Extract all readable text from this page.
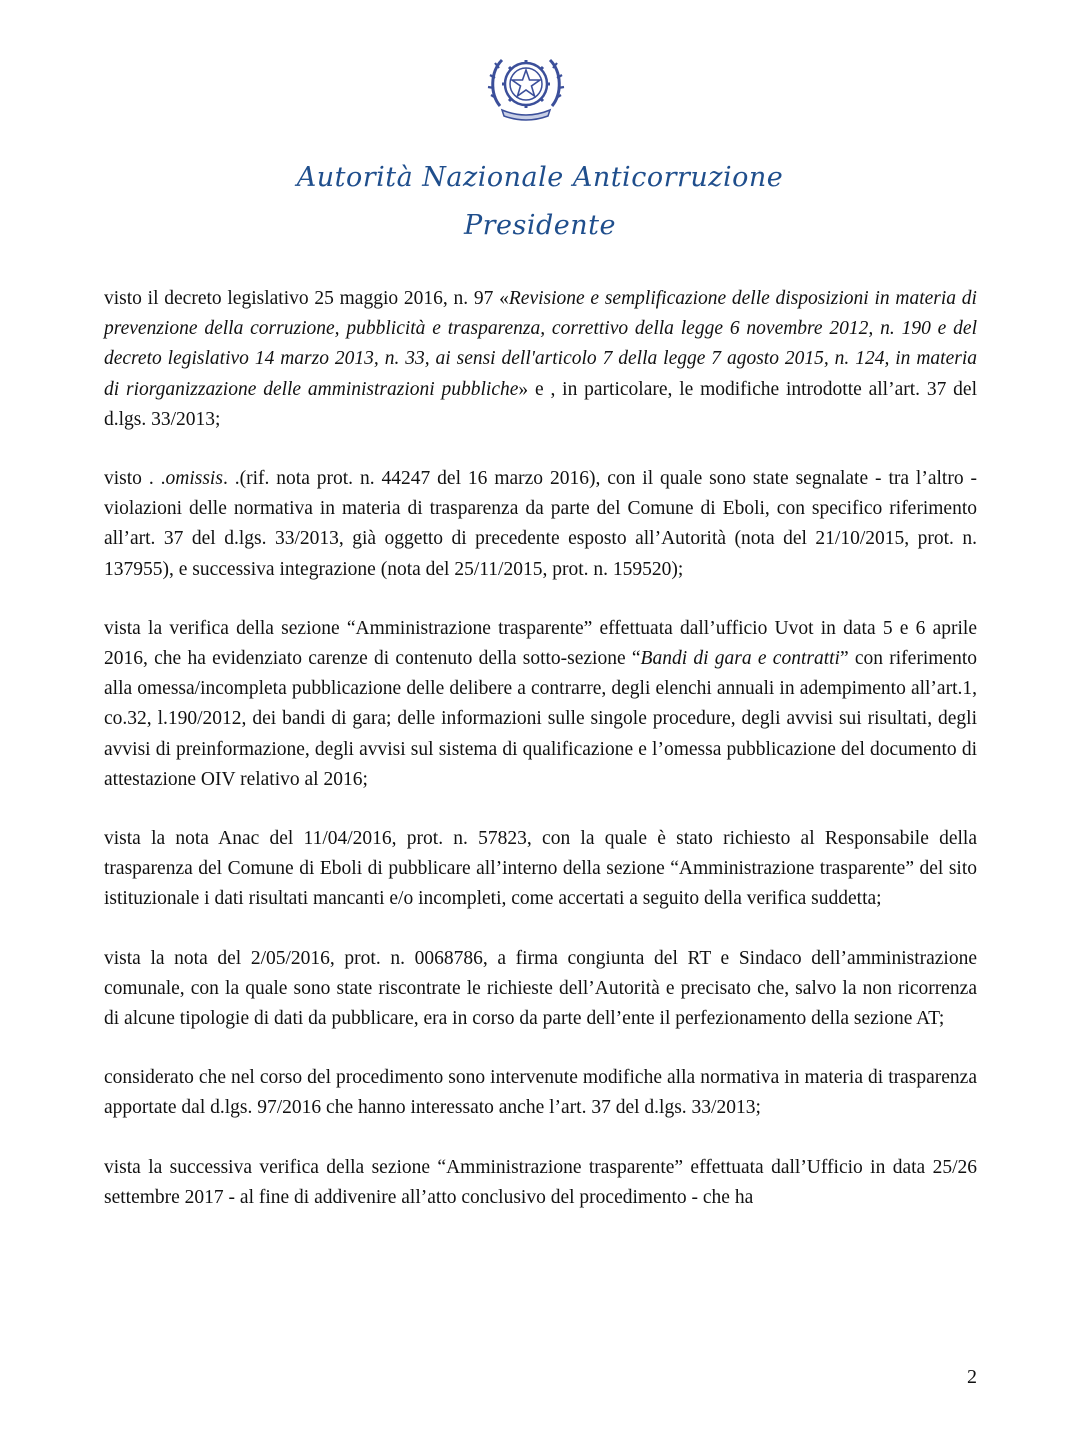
Autorità Nazionale Anticorruzione
Presidente

visto il decreto legislativo 25 maggio 2016, n. 97 «Revisione e semplificazione delle disposizioni in materia di prevenzione della corruzione, pubblicità e trasparenza, correttivo della legge 6 novembre 2012, n. 190 e del decreto legislativo 14 marzo 2013, n. 33, ai sensi dell'articolo 7 della legge 7 agosto 2015, n. 124, in materia di riorganizzazione delle amministrazioni pubbliche» e , in particolare, le modifiche introdotte all’art. 37 del d.lgs. 33/2013;

visto . .omissis. .(rif. nota prot. n. 44247 del 16 marzo 2016), con il quale sono state segnalate - tra l’altro - violazioni delle normativa in materia di trasparenza da parte del Comune di Eboli, con specifico riferimento all’art. 37 del d.lgs. 33/2013, già oggetto di precedente esposto all’Autorità (nota del 21/10/2015, prot. n. 137955), e successiva integrazione (nota del 25/11/2015, prot. n. 159520);

vista la verifica della sezione “Amministrazione trasparente” effettuata dall’ufficio Uvot in data 5 e 6 aprile 2016, che ha evidenziato carenze di contenuto della sotto-sezione “Bandi di gara e contratti” con riferimento alla omessa/incompleta pubblicazione delle delibere a contrarre, degli elenchi annuali in adempimento all’art.1, co.32, l.190/2012, dei bandi di gara; delle informazioni sulle singole procedure, degli avvisi sui risultati, degli avvisi di preinformazione, degli avvisi sul sistema di qualificazione e l’omessa pubblicazione del documento di attestazione OIV relativo al 2016;

vista la nota Anac del 11/04/2016, prot. n. 57823, con la quale è stato richiesto al Responsabile della trasparenza del Comune di Eboli di pubblicare all’interno della sezione “Amministrazione trasparente” del sito istituzionale i dati risultati mancanti e/o incompleti, come accertati a seguito della verifica suddetta;

vista la nota del 2/05/2016, prot. n. 0068786, a firma congiunta del RT e Sindaco dell’amministrazione comunale, con la quale sono state riscontrate le richieste dell’Autorità e precisato che, salvo la non ricorrenza di alcune tipologie di dati da pubblicare, era in corso da parte dell’ente il perfezionamento della sezione AT;

considerato che nel corso del procedimento sono intervenute modifiche alla normativa in materia di trasparenza apportate dal d.lgs. 97/2016 che hanno interessato anche l’art. 37 del d.lgs. 33/2013;

vista la successiva verifica della sezione “Amministrazione trasparente” effettuata dall’Ufficio in data 25/26 settembre 2017 - al fine di addivenire all’atto conclusivo del procedimento - che ha

2
